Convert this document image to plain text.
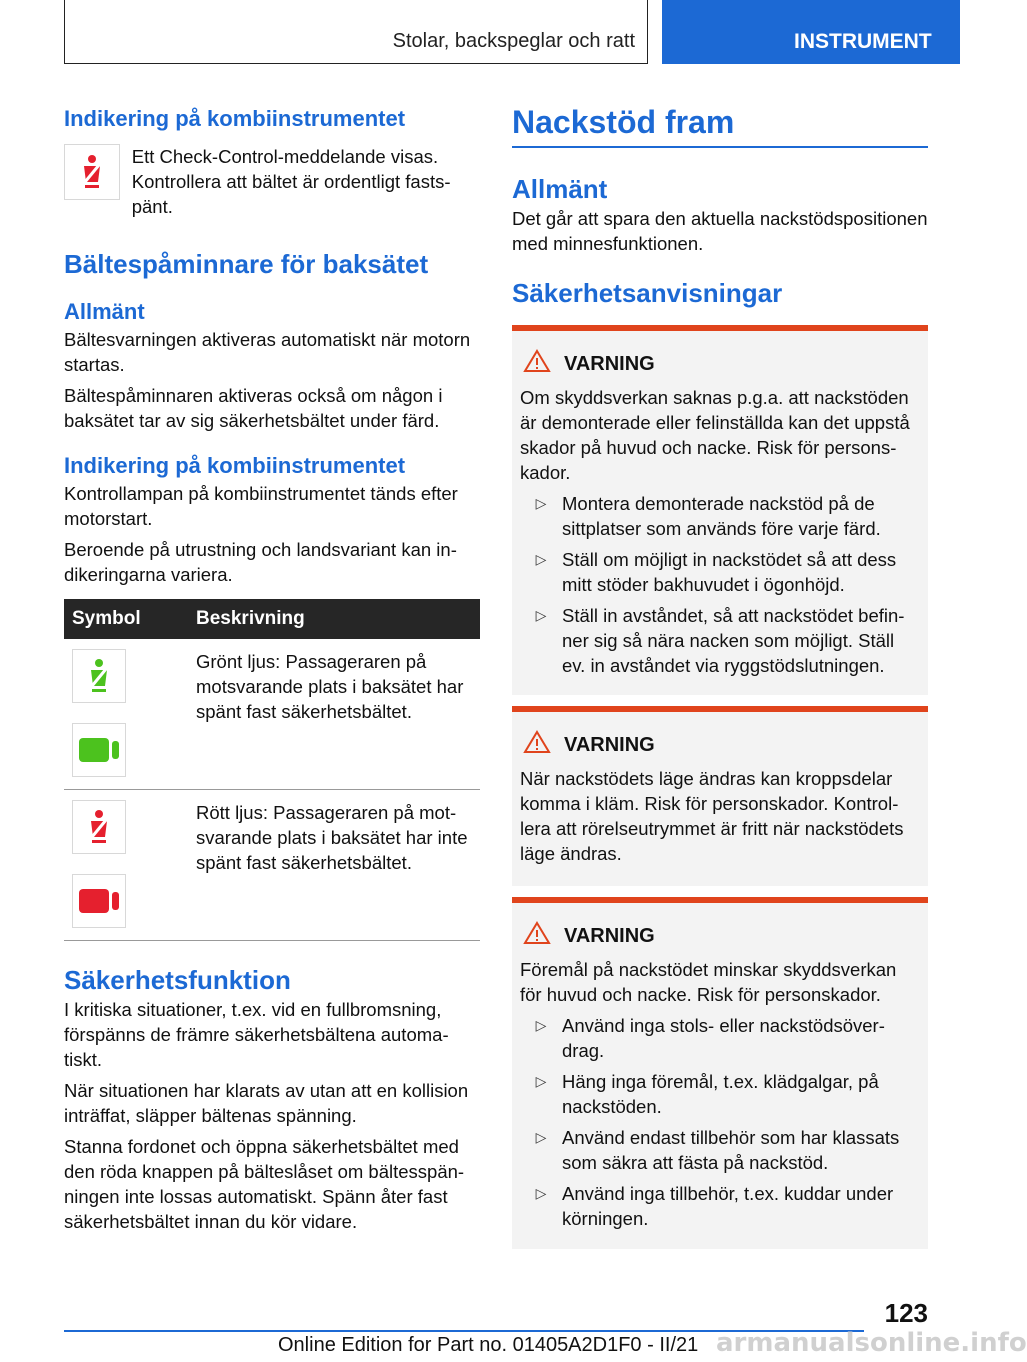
Stolar, backspeglar och ratt	INSTRUMENT
Indikering på kombiinstrumentet

Ett Check-Control-meddelande visas. Kontrollera att bältet är ordentligt fastspänt.

Bältespåminnare för baksätet
Allmänt

Bältesvarningen aktiveras automatiskt när motorn startas.

Bältespåminnaren aktiveras också om någon i baksätet tar av sig säkerhetsbältet under färd.

Indikering på kombiinstrumentet

Kontrollampan på kombiinstrumentet tänds efter motorstart.

Beroende på utrustning och landsvariant kan indikeringarna variera.

Symbol	Beskrivning

	Grönt ljus: Passageraren på motsvarande plats i baksätet har spänt fast säkerhetsbältet.

	Rött ljus: Passageraren på motsvarande plats i baksätet har inte spänt fast säkerhetsbältet.
Säkerhetsfunktion

I kritiska situationer, t.ex. vid en fullbromsning, förspänns de främre säkerhetsbältena automatiskt.

När situationen har klarats av utan att en kollision inträffat, släpper bältenas spänning.

Stanna fordonet och öppna säkerhetsbältet med den röda knappen på bälteslåset om bältesspänningen inte lossas automatiskt. Spänn åter fast säkerhetsbältet innan du kör vidare.

Nackstöd fram
Allmänt

Det går att spara den aktuella nackstödspositionen med minnesfunktionen.

Säkerhetsanvisningar
VARNING

Om skyddsverkan saknas p.g.a. att nackstöden är demonterade eller felinställda kan det uppstå skador på huvud och nacke. Risk för personskador.

▷ Montera demonterade nackstöd på de sittplatser som används före varje färd.
▷ Ställ om möjligt in nackstödet så att dess mitt stöder bakhuvudet i ögonhöjd.
▷ Ställ in avståndet, så att nackstödet befinner sig så nära nacken som möjligt. Ställ ev. in avståndet via ryggstödslutningen.
VARNING

När nackstödets läge ändras kan kroppsdelar komma i kläm. Risk för personskador. Kontrollera att rörelseutrymmet är fritt när nackstödets läge ändras.

VARNING

Föremål på nackstödet minskar skyddsverkan för huvud och nacke. Risk för personskador.

▷ Använd inga stols- eller nackstödsöverdrag.
▷ Häng inga föremål, t.ex. klädgalgar, på nackstöden.
▷ Använd endast tillbehör som har klassats som säkra att fästa på nackstöd.
▷ Använd inga tillbehör, t.ex. kuddar under körningen.
123
armanualsonline.info
Online Edition for Part no. 01405A2D1F0 - II/21
